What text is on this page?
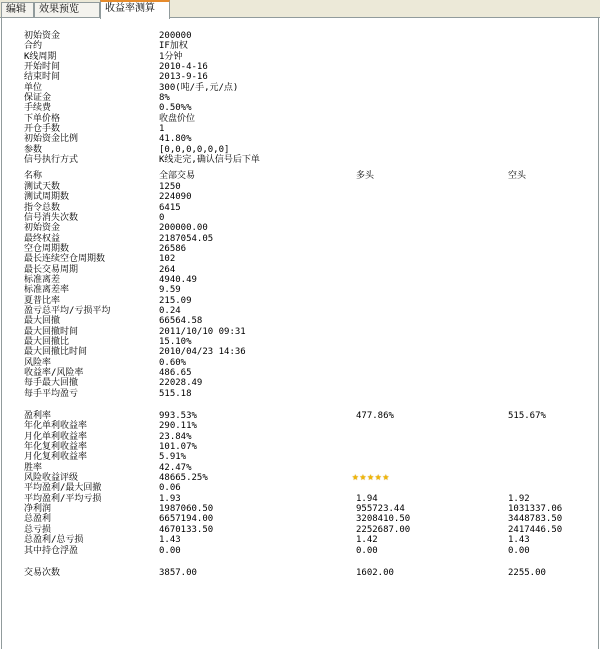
编辑	效果预览	收益率测算
初始资金	200000
合约	IF加权
K线周期	1分钟
开始时间	2010-4-16
结束时间	2013-9-16
单位	300(吨/手,元/点)
保证金	8%
手续费	0.50%%
下单价格	收盘价位
开仓手数	1
初始资金比例	41.80%
参数	[0,0,0,0,0,0]
信号执行方式	K线走完,确认信号后下单
名称	全部交易	多头	空头
测试天数	1250
测试周期数	224090
指令总数	6415
信号消失次数	0
初始资金	200000.00
最终权益	2187054.05
空仓周期数	26586
最长连续空仓周期数	102
最长交易周期	264
标准离差	4940.49
标准离差率	9.59
夏普比率	215.09
盈亏总平均/亏损平均	0.24
最大回撤	66564.58
最大回撤时间	2011/10/10 09:31
最大回撤比	15.10%
最大回撤比时间	2010/04/23 14:36
风险率	0.60%
收益率/风险率	486.65
每手最大回撤	22028.49
每手平均盈亏	515.18
盈利率	993.53%	477.86%	515.67%
年化单利收益率	290.11%
月化单利收益率	23.84%
年化复利收益率	101.07%
月化复利收益率	5.91%
胜率	42.47%
风险收益评级	48665.25%	★★★★★
平均盈利/最大回撤	0.06
平均盈利/平均亏损	1.93	1.94	1.92
净利润	1987060.50	955723.44	1031337.06
总盈利	6657194.00	3208410.50	3448783.50
总亏损	4670133.50	2252687.00	2417446.50
总盈利/总亏损	1.43	1.42	1.43
其中持仓浮盈	0.00	0.00	0.00
交易次数	3857.00	1602.00	2255.00
